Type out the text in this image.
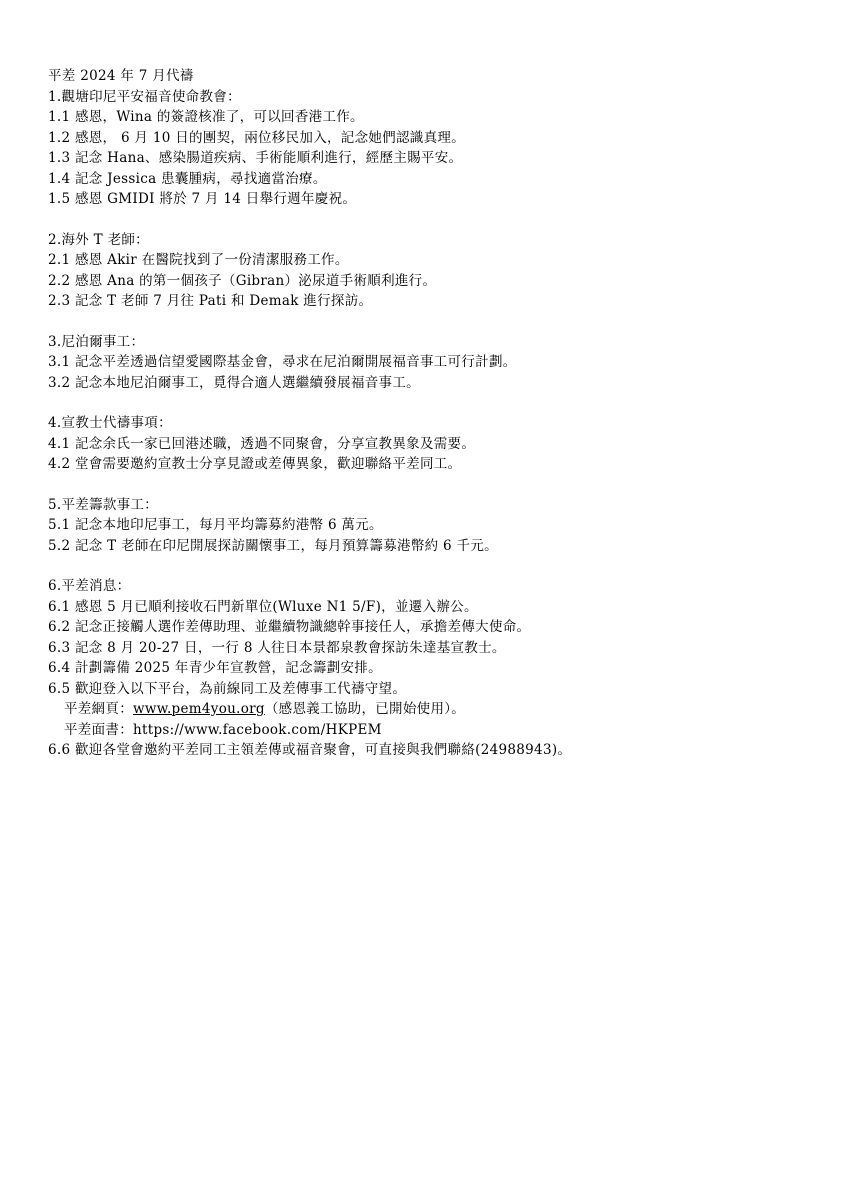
平差 2024 年 7 月代禱

1.觀塘印尼平安福音使命教會：

1.1 感恩，Wina 的簽證核准了，可以回香港工作。

1.2 感恩， 6 月 10 日的團契，兩位移民加入，記念她們認識真理。

1.3 記念 Hana、感染腸道疾病、手術能順利進行，經歷主賜平安。

1.4 記念 Jessica 患囊腫病，尋找適當治療。

1.5 感恩 GMIDI 將於 7 月 14 日舉行週年慶祝。

2.海外 T 老師：

2.1 感恩 Akir 在醫院找到了一份清潔服務工作。

2.2 感恩 Ana 的第一個孩子（Gibran）泌尿道手術順利進行。

2.3 記念 T 老師 7 月往 Pati 和 Demak 進行探訪。

3.尼泊爾事工：

3.1 記念平差透過信望愛國際基金會，尋求在尼泊爾開展福音事工可行計劃。

3.2 記念本地尼泊爾事工，覓得合適人選繼續發展福音事工。

4.宣教士代禱事項：

4.1 記念余氏一家已回港述職，透過不同聚會，分享宣教異象及需要。

4.2 堂會需要邀約宣教士分享見證或差傳異象，歡迎聯絡平差同工。

5.平差籌款事工：

5.1 記念本地印尼事工，每月平均籌募約港幣 6 萬元。

5.2 記念 T 老師在印尼開展探訪關懷事工，每月預算籌募港幣約 6 千元。

6.平差消息：

6.1 感恩 5 月已順利接收石門新單位(Wluxe N1 5/F)，並遷入辦公。

6.2 記念正接觸人選作差傳助理、並繼續物識總幹事接任人，承擔差傳大使命。

6.3 記念 8 月 20-27 日，一行 8 人往日本景都泉教會探訪朱達基宣教士。

6.4 計劃籌備 2025 年青少年宣教營，記念籌劃安排。

6.5 歡迎登入以下平台，為前線同工及差傳事工代禱守望。

平差網頁：www.pem4you.org（感恩義工協助，已開始使用）。

平差面書：https://www.facebook.com/HKPEM

6.6 歡迎各堂會邀約平差同工主領差傳或福音聚會，可直接與我們聯絡(24988943)。
